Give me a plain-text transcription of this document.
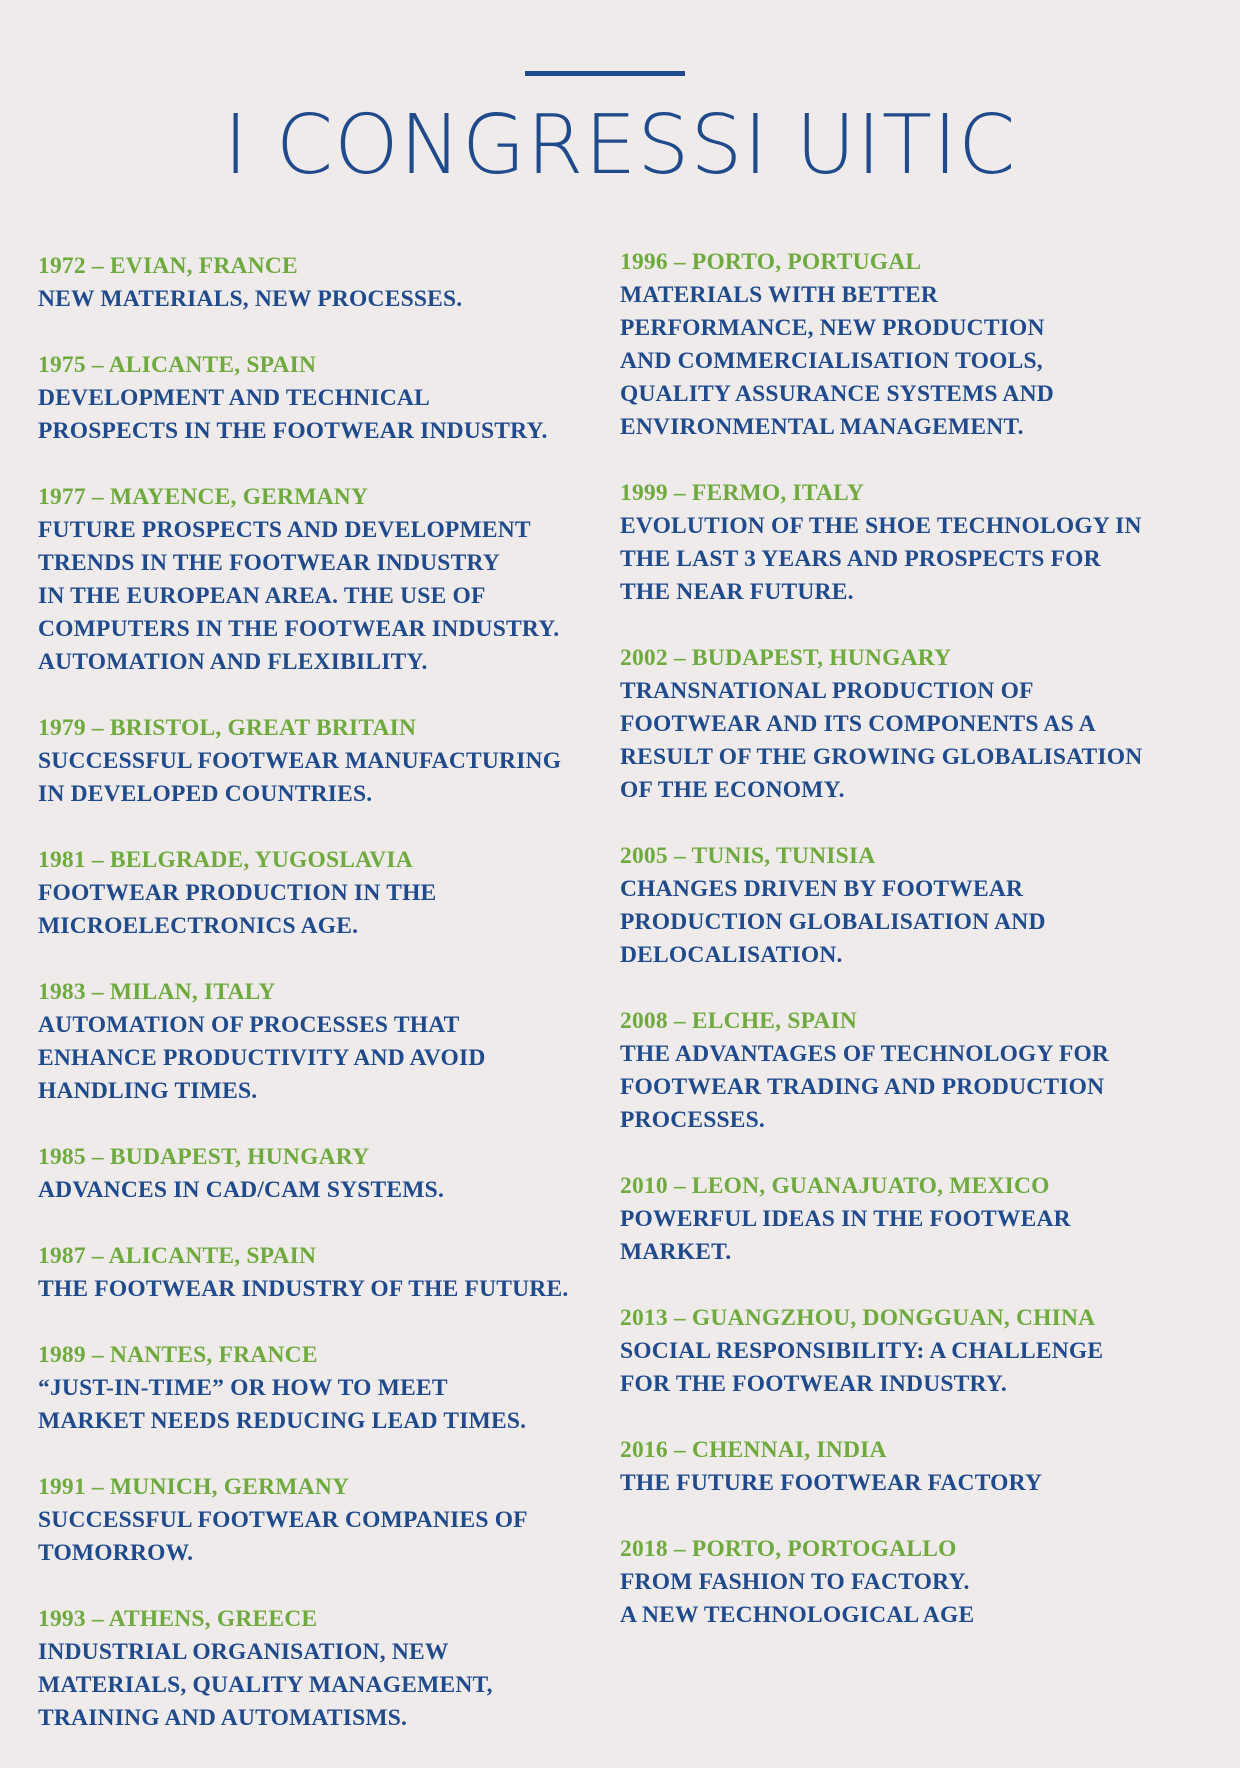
I CONGRESSI UITIC
1972 – EVIAN, FRANCE
NEW MATERIALS, NEW PROCESSES.
1975 – ALICANTE, SPAIN
DEVELOPMENT AND TECHNICAL
PROSPECTS IN THE FOOTWEAR INDUSTRY.
1977 – MAYENCE, GERMANY
FUTURE PROSPECTS AND DEVELOPMENT
TRENDS IN THE FOOTWEAR INDUSTRY
IN THE EUROPEAN AREA. THE USE OF
COMPUTERS IN THE FOOTWEAR INDUSTRY.
AUTOMATION AND FLEXIBILITY.
1979 – BRISTOL, GREAT BRITAIN
SUCCESSFUL FOOTWEAR MANUFACTURING
IN DEVELOPED COUNTRIES.
1981 – BELGRADE, YUGOSLAVIA
FOOTWEAR PRODUCTION IN THE
MICROELECTRONICS AGE.
1983 – MILAN, ITALY
AUTOMATION OF PROCESSES THAT
ENHANCE PRODUCTIVITY AND AVOID
HANDLING TIMES.
1985 – BUDAPEST, HUNGARY
ADVANCES IN CAD/CAM SYSTEMS.
1987 – ALICANTE, SPAIN
THE FOOTWEAR INDUSTRY OF THE FUTURE.
1989 – NANTES, FRANCE
“JUST-IN-TIME” OR HOW TO MEET
MARKET NEEDS REDUCING LEAD TIMES.
1991 – MUNICH, GERMANY
SUCCESSFUL FOOTWEAR COMPANIES OF
TOMORROW.
1993 – ATHENS, GREECE
INDUSTRIAL ORGANISATION, NEW
MATERIALS, QUALITY MANAGEMENT,
TRAINING AND AUTOMATISMS.
1996 – PORTO, PORTUGAL
MATERIALS WITH BETTER
PERFORMANCE, NEW PRODUCTION
AND COMMERCIALISATION TOOLS,
QUALITY ASSURANCE SYSTEMS AND
ENVIRONMENTAL MANAGEMENT.
1999 – FERMO, ITALY
EVOLUTION OF THE SHOE TECHNOLOGY IN
THE LAST 3 YEARS AND PROSPECTS FOR
THE NEAR FUTURE.
2002 – BUDAPEST, HUNGARY
TRANSNATIONAL PRODUCTION OF
FOOTWEAR AND ITS COMPONENTS AS A
RESULT OF THE GROWING GLOBALISATION
OF THE ECONOMY.
2005 – TUNIS, TUNISIA
CHANGES DRIVEN BY FOOTWEAR
PRODUCTION GLOBALISATION AND
DELOCALISATION.
2008 – ELCHE, SPAIN
THE ADVANTAGES OF TECHNOLOGY FOR
FOOTWEAR TRADING AND PRODUCTION
PROCESSES.
2010 – LEON, GUANAJUATO, MEXICO
POWERFUL IDEAS IN THE FOOTWEAR
MARKET.
2013 – GUANGZHOU, DONGGUAN, CHINA
SOCIAL RESPONSIBILITY: A CHALLENGE
FOR THE FOOTWEAR INDUSTRY.
2016 – CHENNAI, INDIA
THE FUTURE FOOTWEAR FACTORY
2018 – PORTO, PORTOGALLO
FROM FASHION TO FACTORY.
A NEW TECHNOLOGICAL AGE
